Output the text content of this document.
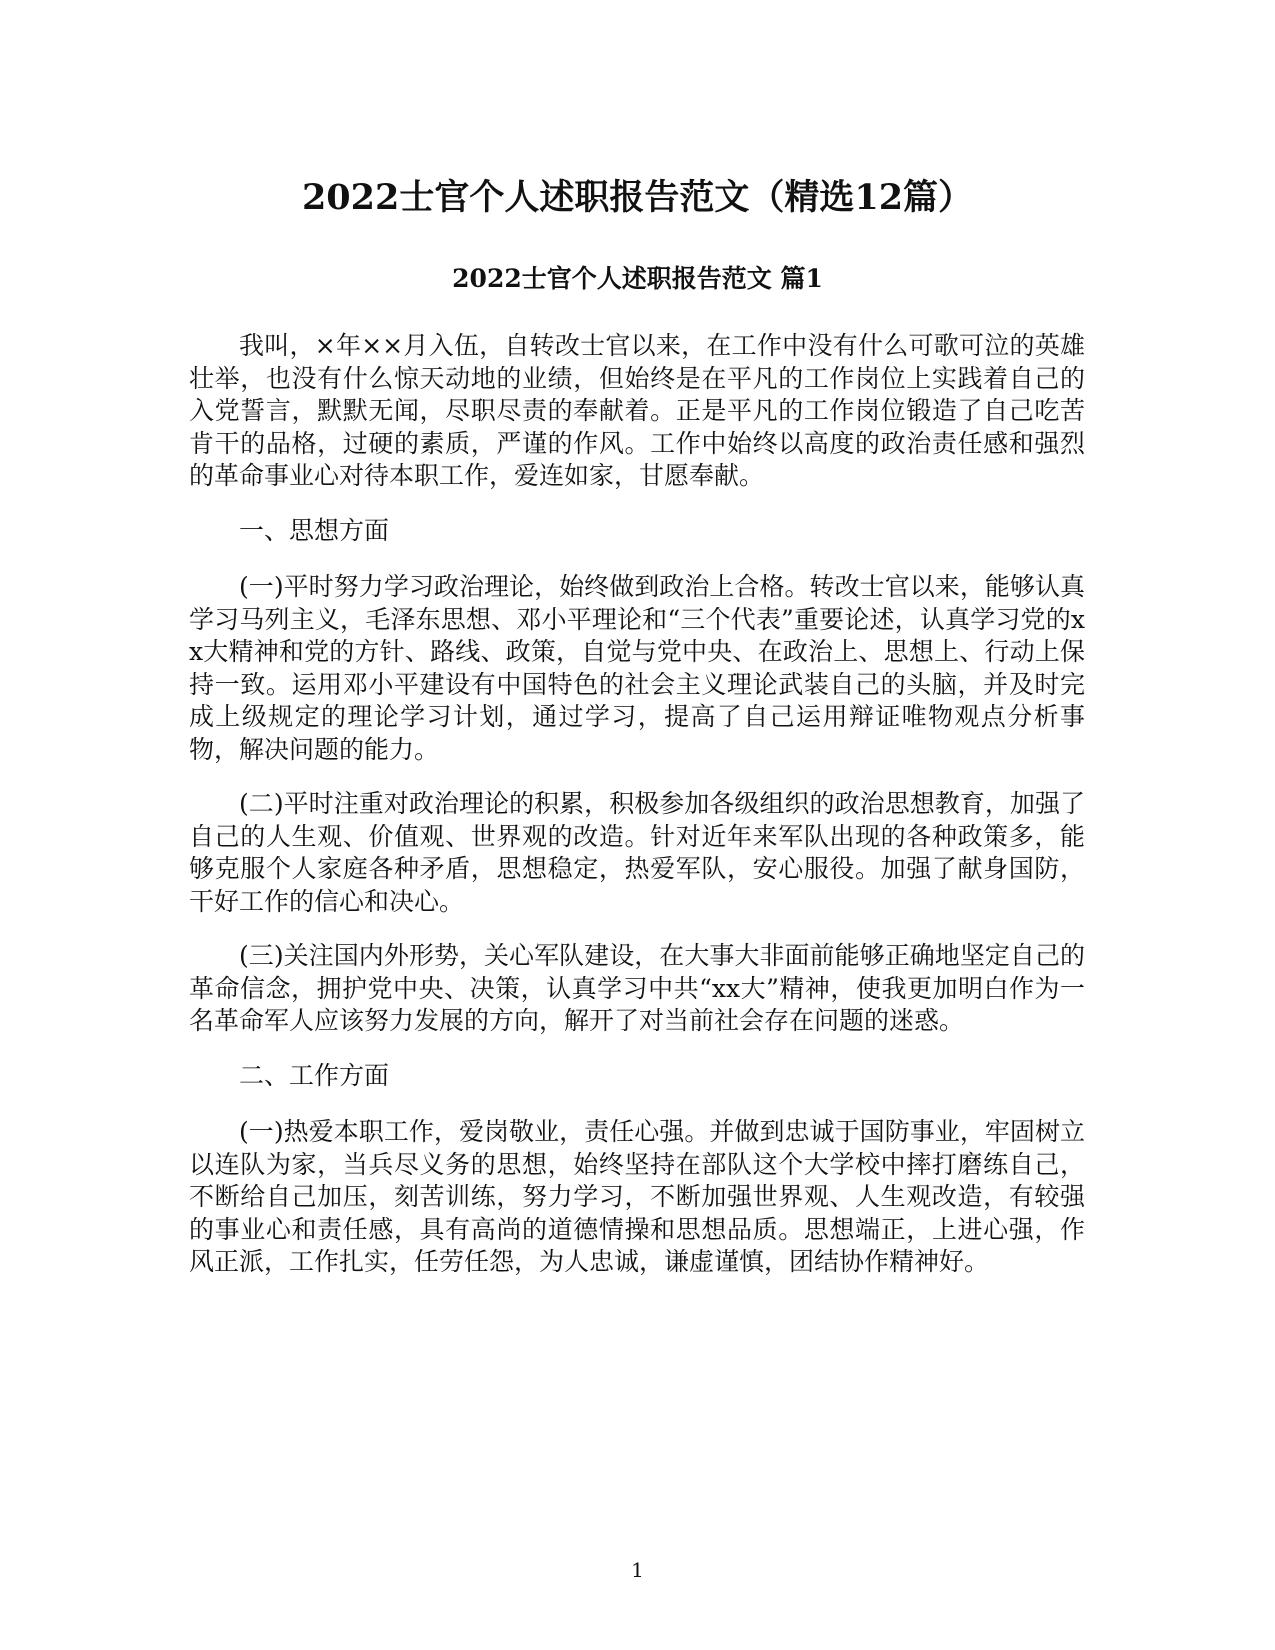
2022士官个人述职报告范文（精选12篇）
2022士官个人述职报告范文 篇1

我叫，×年××月入伍，自转改士官以来，在工作中没有什么可歌可泣的英雄壮举，也没有什么惊天动地的业绩，但始终是在平凡的工作岗位上实践着自己的入党誓言，默默无闻，尽职尽责的奉献着。正是平凡的工作岗位锻造了自己吃苦肯干的品格，过硬的素质，严谨的作风。工作中始终以高度的政治责任感和强烈的革命事业心对待本职工作，爱连如家，甘愿奉献。

一、思想方面

(一)平时努力学习政治理论，始终做到政治上合格。转改士官以来，能够认真学习马列主义，毛泽东思想、邓小平理论和“三个代表”重要论述，认真学习党的xx大精神和党的方针、路线、政策，自觉与党中央、在政治上、思想上、行动上保持一致。运用邓小平建设有中国特色的社会主义理论武装自己的头脑，并及时完成上级规定的理论学习计划，通过学习，提高了自己运用辩证唯物观点分析事物，解决问题的能力。

(二)平时注重对政治理论的积累，积极参加各级组织的政治思想教育，加强了自己的人生观、价值观、世界观的改造。针对近年来军队出现的各种政策多，能够克服个人家庭各种矛盾，思想稳定，热爱军队，安心服役。加强了献身国防，干好工作的信心和决心。

(三)关注国内外形势，关心军队建设，在大事大非面前能够正确地坚定自己的革命信念，拥护党中央、决策，认真学习中共“xx大”精神，使我更加明白作为一名革命军人应该努力发展的方向，解开了对当前社会存在问题的迷惑。

二、工作方面

(一)热爱本职工作，爱岗敬业，责任心强。并做到忠诚于国防事业，牢固树立以连队为家，当兵尽义务的思想，始终坚持在部队这个大学校中摔打磨练自己，不断给自己加压，刻苦训练，努力学习，不断加强世界观、人生观改造，有较强的事业心和责任感，具有高尚的道德情操和思想品质。思想端正，上进心强，作风正派，工作扎实，任劳任怨，为人忠诚，谦虚谨慎，团结协作精神好。

1
